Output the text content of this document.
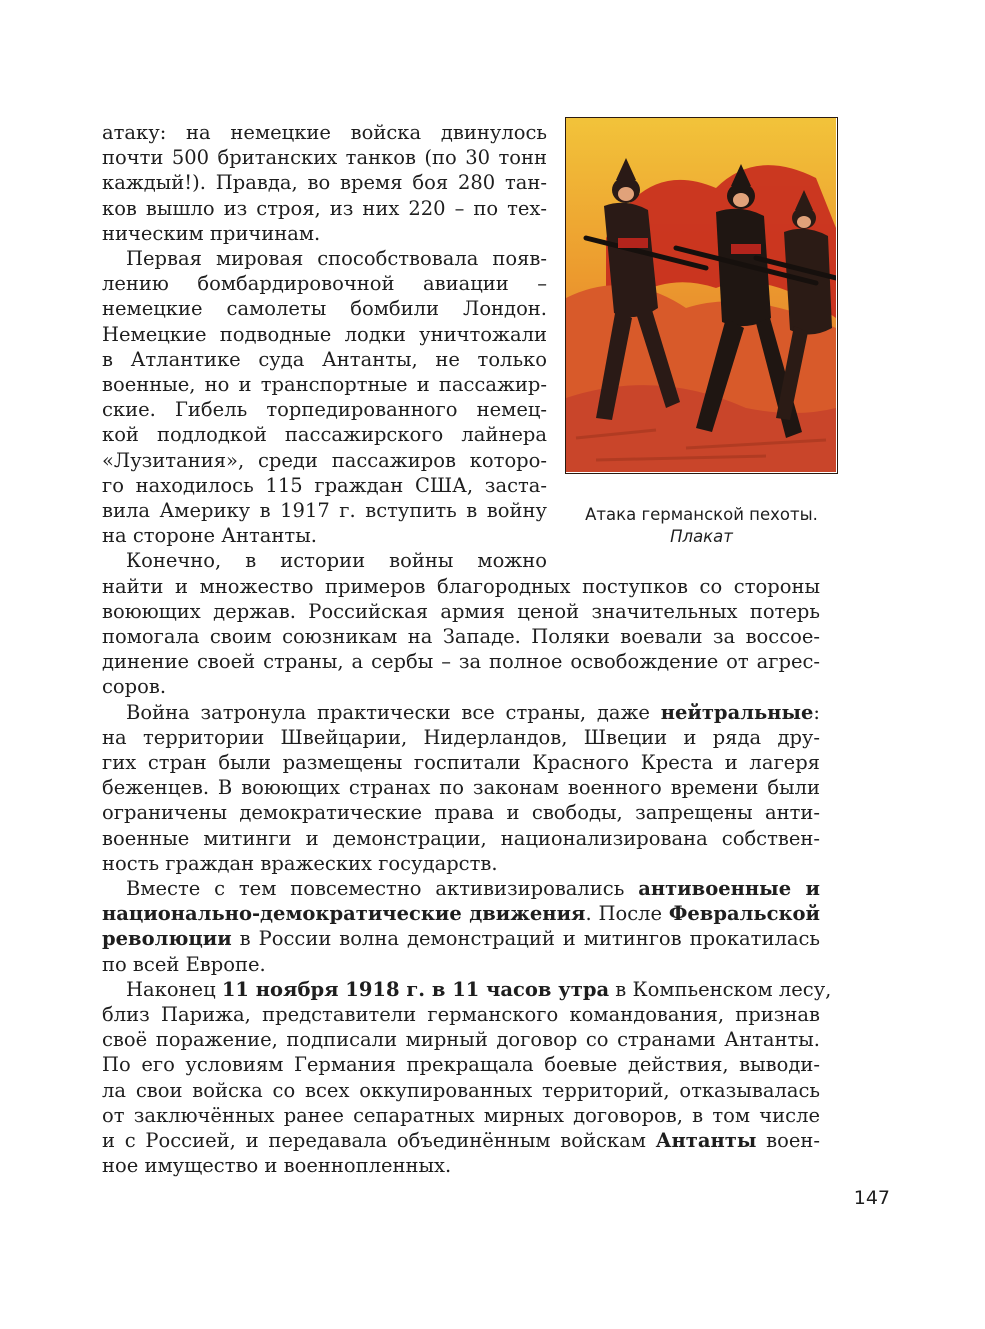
атаку: на немецкие войска двинулось
почти 500 британских танков (по 30 тонн
каждый!). Правда, во время боя 280 тан-
ков вышло из строя, из них 220 – по тех-
ническим причинам.
Первая мировая способствовала появ-
лению бомбардировочной авиации –
немецкие самолеты бомбили Лондон.
Немецкие подводные лодки уничтожали
в Атлантике суда Антанты, не только
военные, но и транспортные и пассажир-
ские. Гибель торпедированного немец-
кой подлодкой пассажирского лайнера
«Лузитания», среди пассажиров которо-
го находилось 115 граждан США, заста-
вила Америку в 1917 г. вступить в войну
на стороне Антанты.
Конечно, в истории войны можно
найти и множество примеров благородных поступков со стороны
воюющих держав. Российская армия ценой значительных потерь
помогала своим союзникам на Западе. Поляки воевали за воссое-
динение своей страны, а сербы – за полное освобождение от агрес-
соров.
Война затронула практически все страны, даже нейтральные:
на территории Швейцарии, Нидерландов, Швеции и ряда дру-
гих стран были размещены госпитали Красного Креста и лагеря
беженцев. В воюющих странах по законам военного времени были
ограничены демократические права и свободы, запрещены анти-
военные митинги и демонстрации, национализирована собствен-
ность граждан вражеских государств.
Вместе с тем повсеместно активизировались антивоенные и
национально-демократические движения. После Февральской
революции в России волна демонстраций и митингов прокатилась
по всей Европе.
Наконец 11 ноября 1918 г. в 11 часов утра в Компьенском лесу,
близ Парижа, представители германского командования, признав
своё поражение, подписали мирный договор со странами Антанты.
По его условиям Германия прекращала боевые действия, выводи-
ла свои войска со всех оккупированных территорий, отказывалась
от заключённых ранее сепаратных мирных договоров, в том числе
и с Россией, и передавала объединённым войскам Антанты воен-
ное имущество и военнопленных.
Атака германской пехоты.
Плакат
147
